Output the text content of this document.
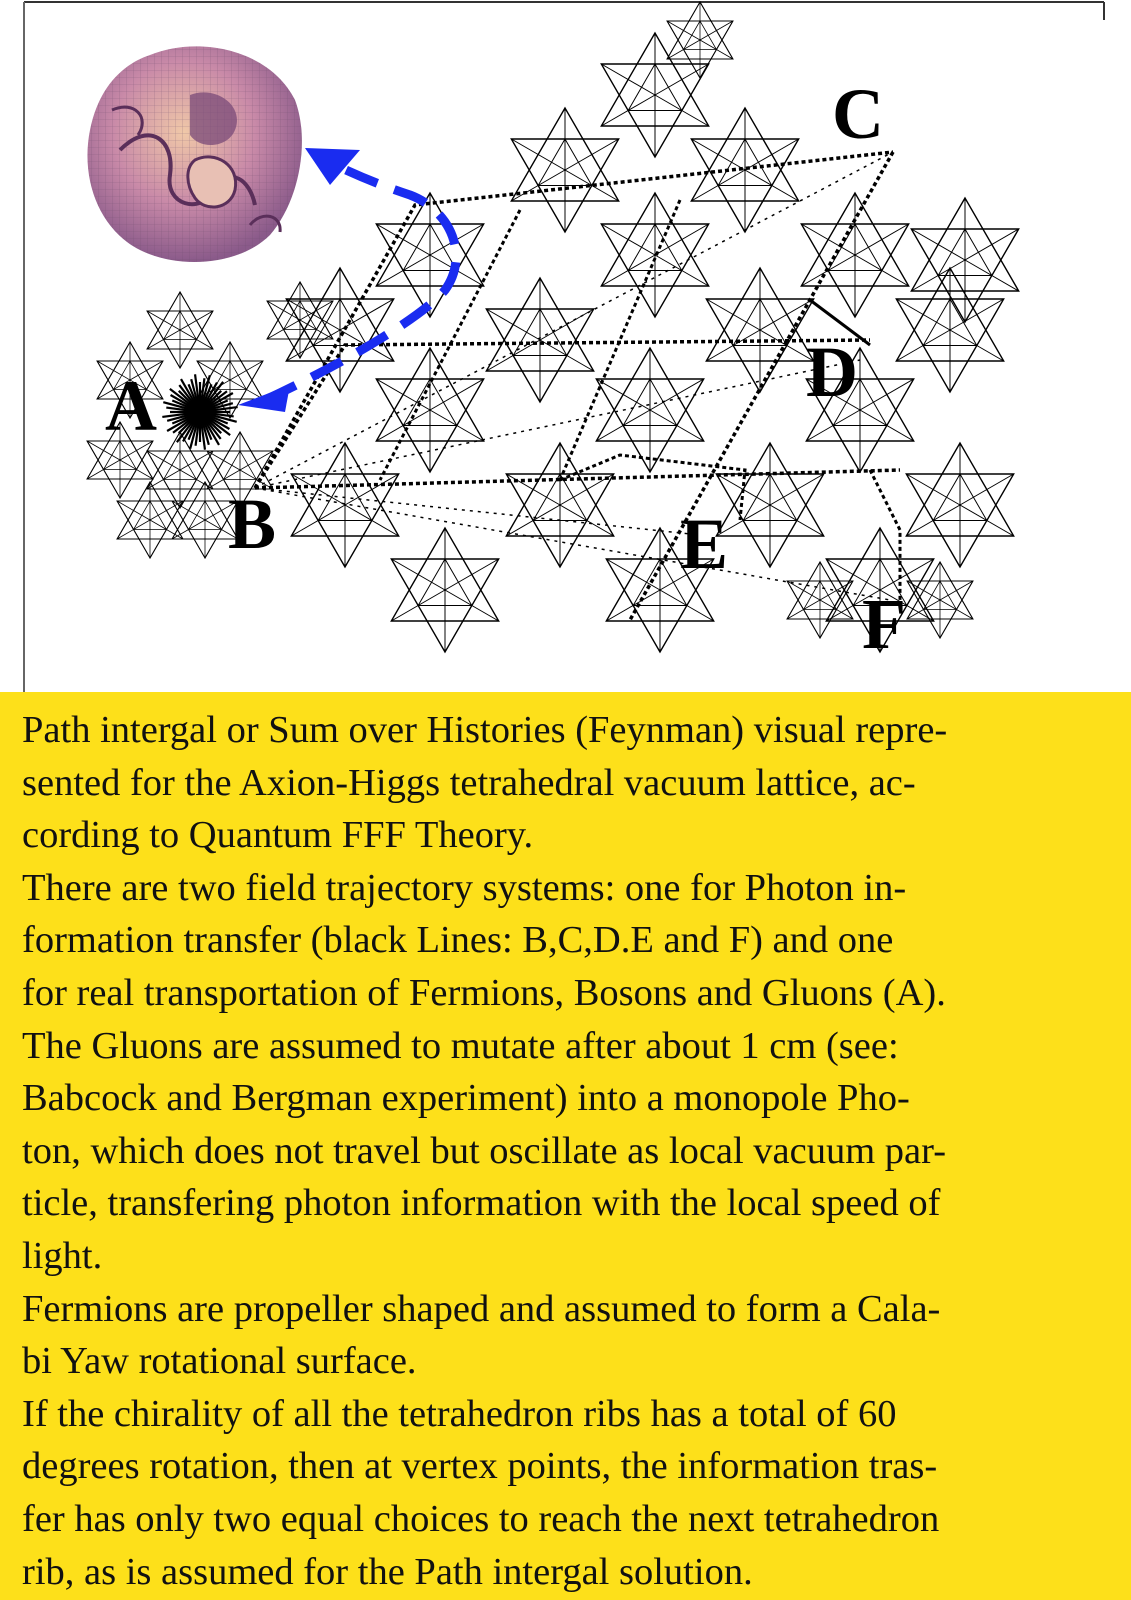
A
B
C
D
E
F

Path intergal or Sum over Histories (Feynman) visual repre-
sented for the Axion-Higgs tetrahedral vacuum lattice, ac-
cording to Quantum FFF Theory.

There are two field trajectory systems: one for Photon in-
formation transfer (black Lines: B,C,D.E and F) and one
for real transportation of Fermions, Bosons and Gluons (A).

The Gluons are assumed to mutate after about 1 cm (see:
Babcock and Bergman experiment) into a monopole Pho-
ton, which does not travel but oscillate as local vacuum par-
ticle, transfering photon information with the local speed of
light.

Fermions are propeller shaped and assumed to form a Cala-
bi Yaw rotational surface.

If the chirality of all the tetrahedron ribs has a total of 60
degrees rotation, then at vertex points, the information tras-
fer has only two equal choices to reach the next tetrahedron
rib, as is assumed for the Path intergal solution.
